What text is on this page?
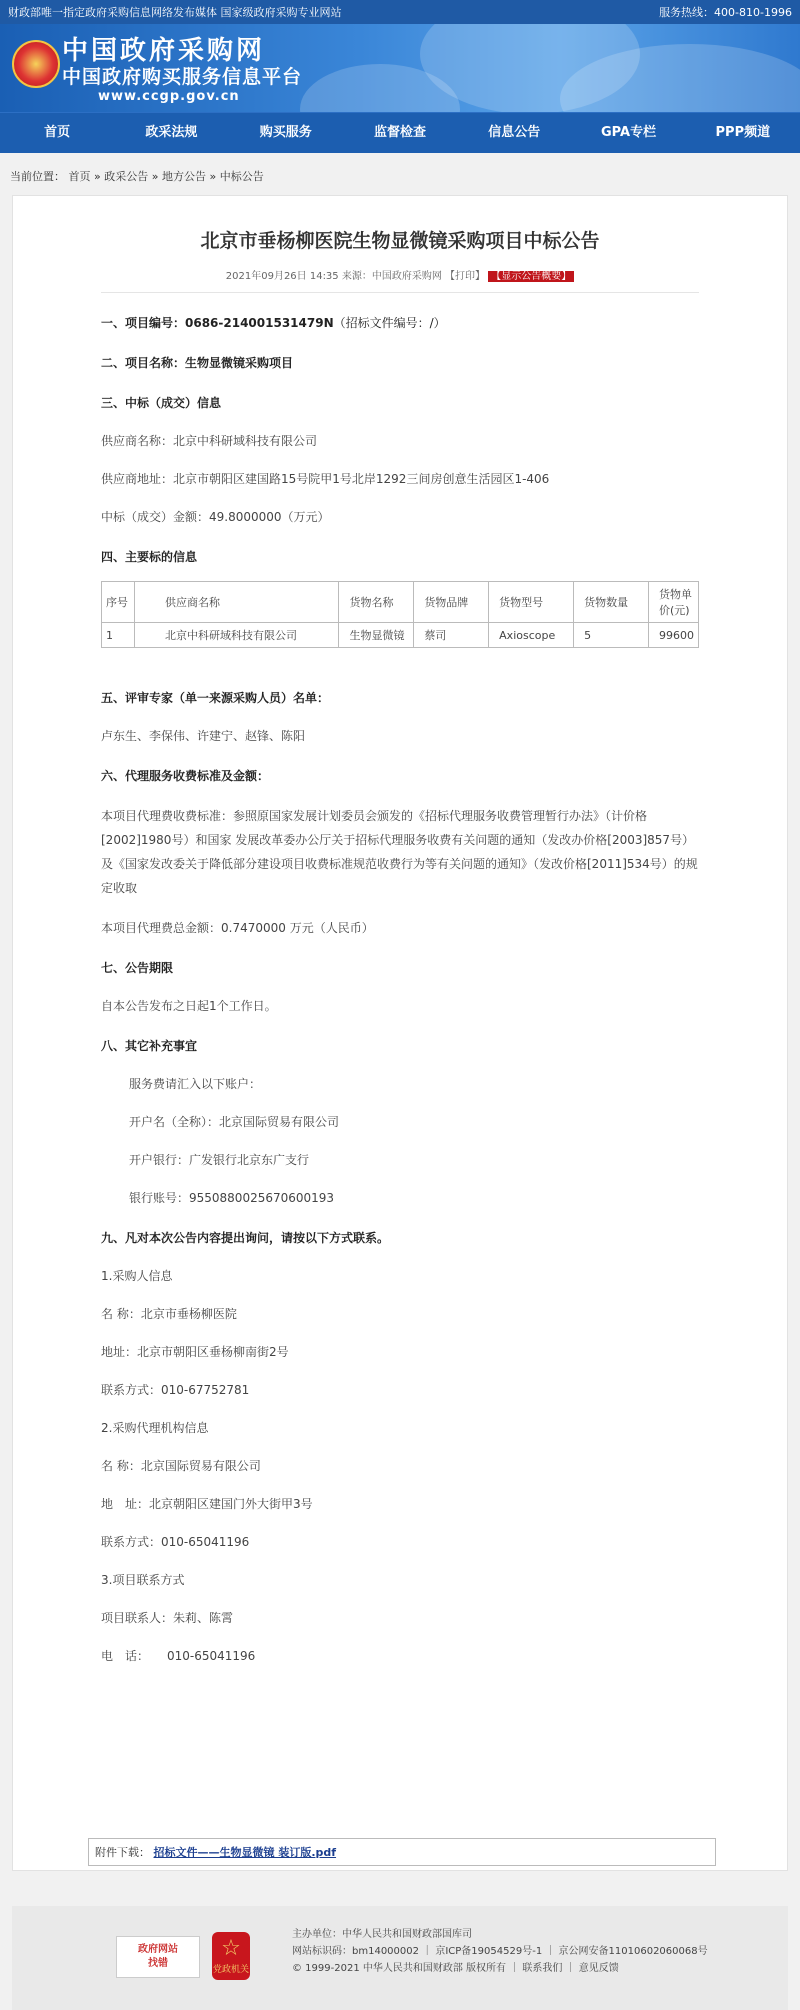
财政部唯一指定政府采购信息网络发布媒体 国家级政府采购专业网站	服务热线：400-810-1996
中国政府采购网
中国政府购买服务信息平台
www.ccgp.gov.cn
首页	政采法规	购买服务	监督检查	信息公告	GPA专栏	PPP频道
当前位置： 首页 » 政采公告 » 地方公告 » 中标公告
北京市垂杨柳医院生物显微镜采购项目中标公告
2021年09月26日 14:35 来源：中国政府采购网 【打印】 【显示公告概要】
一、项目编号：0686-214001531479N（招标文件编号：/）
二、项目名称：生物显微镜采购项目
三、中标（成交）信息
供应商名称：北京中科研域科技有限公司
供应商地址：北京市朝阳区建国路15号院甲1号北岸1292三间房创意生活园区1-406
中标（成交）金额：49.8000000（万元）
四、主要标的信息
序号	供应商名称	货物名称	货物品牌	货物型号	货物数量	货物单价(元)
1	北京中科研域科技有限公司	生物显微镜	蔡司	Axioscope	5	99600
五、评审专家（单一来源采购人员）名单：
卢东生、李保伟、许建宁、赵锋、陈阳
六、代理服务收费标准及金额：
本项目代理费收费标准：参照原国家发展计划委员会颁发的《招标代理服务收费管理暂行办法》（计价格[2002]1980号）和国家 发展改革委办公厅关于招标代理服务收费有关问题的通知（发改办价格[2003]857号）及《国家发改委关于降低部分建设项目收费标准规范收费行为等有关问题的通知》（发改价格[2011]534号）的规定收取
本项目代理费总金额：0.7470000 万元（人民币）
七、公告期限
自本公告发布之日起1个工作日。
八、其它补充事宜
服务费请汇入以下账户：
开户名（全称）：北京国际贸易有限公司
开户银行：广发银行北京东广支行
银行账号：9550880025670600193
九、凡对本次公告内容提出询问，请按以下方式联系。
1.采购人信息
名 称：北京市垂杨柳医院
地址：北京市朝阳区垂杨柳南街2号
联系方式：010-67752781
2.采购代理机构信息
名 称：北京国际贸易有限公司
地　址：北京朝阳区建国门外大街甲3号
联系方式：010-65041196
3.项目联系方式
项目联系人：朱莉、陈霄
电　话：　　010-65041196
附件下载： 招标文件——生物显微镜 装订版.pdf
政府网站
找错
☆
党政机关
主办单位：中华人民共和国财政部国库司
网站标识码：bm14000002 ｜ 京ICP备19054529号-1 ｜ 京公网安备11010602060068号
© 1999-2021 中华人民共和国财政部 版权所有 ｜ 联系我们 ｜ 意见反馈
